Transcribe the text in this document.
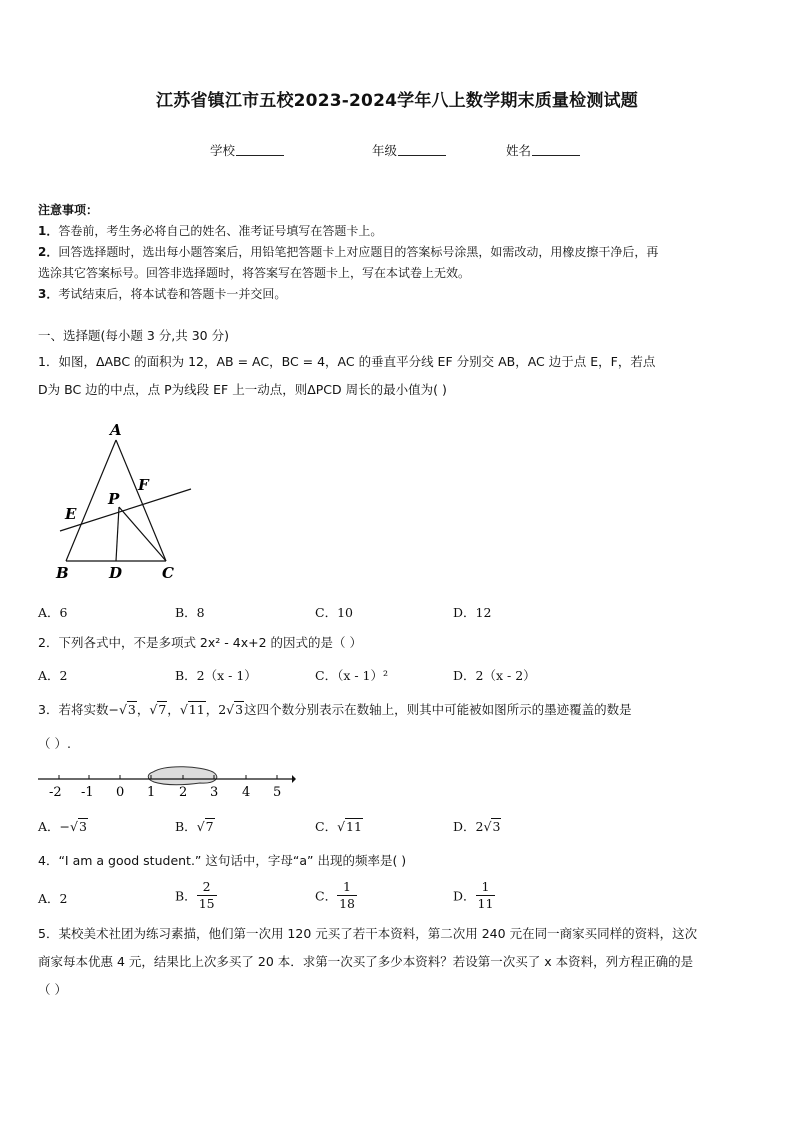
江苏省镇江市五校2023-2024学年八上数学期末质量检测试题
学校	年级	姓名
注意事项：
1．答卷前，考生务必将自己的姓名、准考证号填写在答题卡上。
2．回答选择题时，选出每小题答案后，用铅笔把答题卡上对应题目的答案标号涂黑，如需改动，用橡皮擦干净后，再
选涂其它答案标号。回答非选择题时，将答案写在答题卡上，写在本试卷上无效。
3．考试结束后，将本试卷和答题卡一并交回。
一、选择题(每小题 3 分,共 30 分)
1．如图，ΔABC 的面积为 12，AB = AC，BC = 4，AC 的垂直平分线 EF 分别交 AB，AC 边于点 E，F，若点
D为 BC 边的中点，点 P为线段 EF 上一动点，则ΔPCD 周长的最小值为( )
A
B	C
D
E
F
P
A．6	B．8	C．10	D．12
2．下列各式中，不是多项式 2x² - 4x+2 的因式的是（ ）
A．2	B．2（x - 1）	C．（x - 1）²	D．2（x - 2）
3．若将实数−√3，√7，√11，2√3这四个数分别表示在数轴上，则其中可能被如图所示的墨迹覆盖的数是
（ ）.
-2 -1 0 1 2 3 4 5
A．−√3	B．√7	C．√11	D．2√3
4．“I am a good student.” 这句话中，字母“a” 出现的频率是( )
A．2	B． $\frac{2}{15}$	C． $\frac{1}{18}$	D． $\frac{1}{11}$
5．某校美术社团为练习素描，他们第一次用 120 元买了若干本资料，第二次用 240 元在同一商家买同样的资料，这次
商家每本优惠 4 元，结果比上次多买了 20 本．求第一次买了多少本资料？若设第一次买了 x 本资料，列方程正确的是
（ ）
